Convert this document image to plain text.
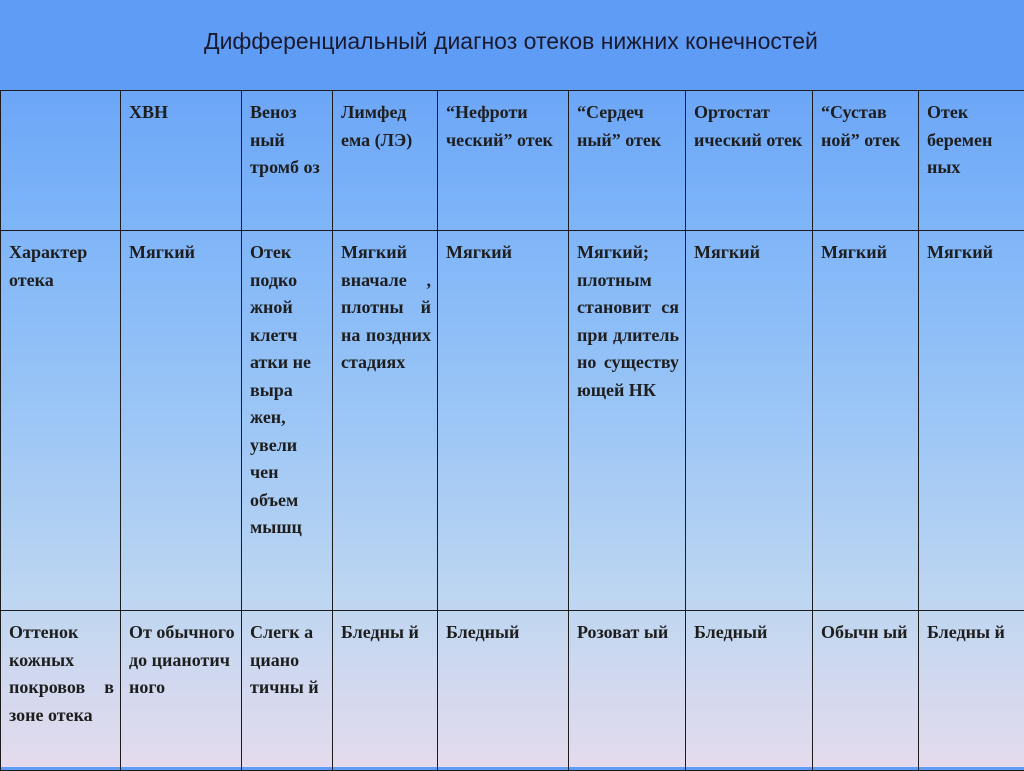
Дифференциальный диагноз отеков нижних конечностей
	ХВН	Веноз ный тромб оз	Лимфед ема (ЛЭ)	“Нефроти ческий” отек	“Сердеч ный” отек	Ортостат ический отек	“Сустав ной” отек	Отек беремен ных
Характер отека	Мягкий	Отек подко жной клетч атки не выра жен, увели чен объем мышц	Мягкий вначале , плотны й на поздних стадиях	Мягкий	Мягкий; плотным становит ся при длитель но существу ющей НК	Мягкий	Мягкий	Мягкий
Оттенок кожных покровов в зоне отека	От обычного до цианотич ного	Слегк а циано тичны й	Бледны й	Бледный	Розоват ый	Бледный	Обычн ый	Бледны й
